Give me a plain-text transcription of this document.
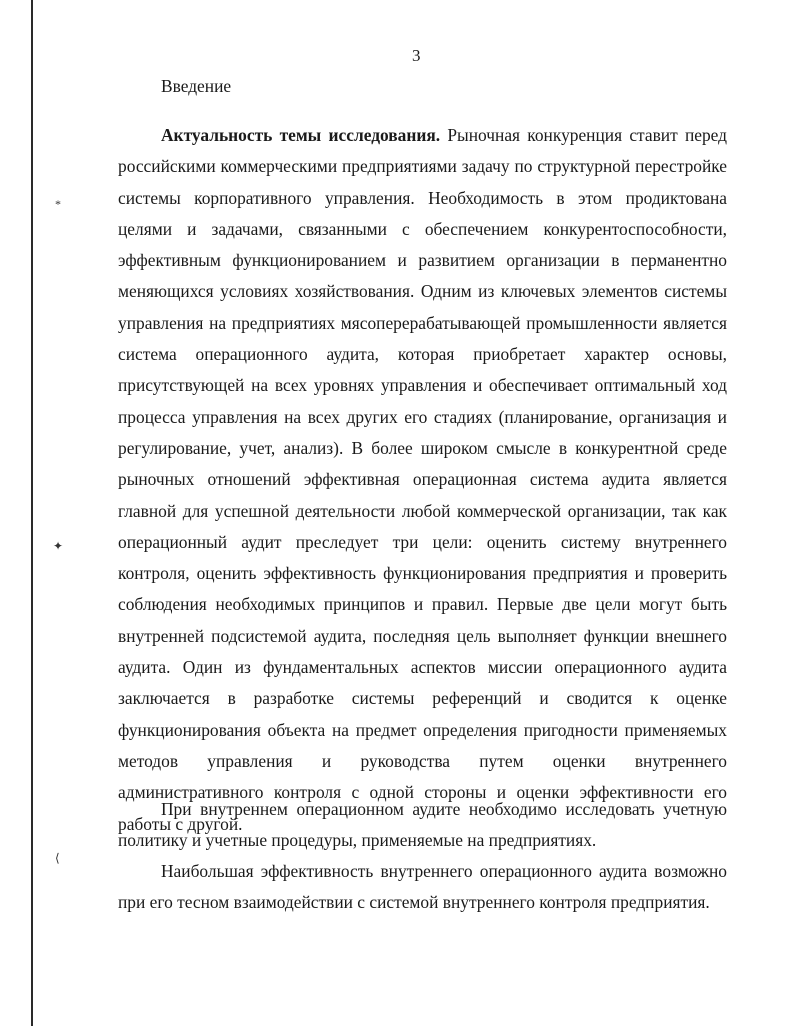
3
Введение

Актуальность темы исследования. Рыночная конкуренция ставит перед российскими коммерческими предприятиями задачу по структурной перестройке системы корпоративного управления. Необходимость в этом продиктована целями и задачами, связанными с обеспечением конкурентоспособности, эффективным функционированием и развитием организации в перманентно меняющихся условиях хозяйствования. Одним из ключевых элементов системы управления на предприятиях мясоперерабатывающей промышленности является система операционного аудита, которая приобретает характер основы, присутствующей на всех уровнях управления и обеспечивает оптимальный ход процесса управления на всех других его стадиях (планирование, организация и регулирование, учет, анализ). В более широком смысле в конкурентной среде рыночных отношений эффективная операционная система аудита является главной для успешной деятельности любой коммерческой организации, так как операционный аудит преследует три цели: оценить систему внутреннего контроля, оценить эффективность функционирования предприятия и проверить соблюдения необходимых принципов и правил. Первые две цели могут быть внутренней подсистемой аудита, последняя цель выполняет функции внешнего аудита. Один из фундаментальных аспектов миссии операционного аудита заключается в разработке системы референций и сводится к оценке функционирования объекта на предмет определения пригодности применяемых методов управления и руководства путем оценки внутреннего административного контроля с одной стороны и оценки эффективности его работы с другой.

При внутреннем операционном аудите необходимо исследовать учетную политику и учетные процедуры, применяемые на предприятиях.

Наибольшая эффективность внутреннего операционного аудита возможно при его тесном взаимодействии с системой внутреннего контроля предприятия.

*
✦
⟨
